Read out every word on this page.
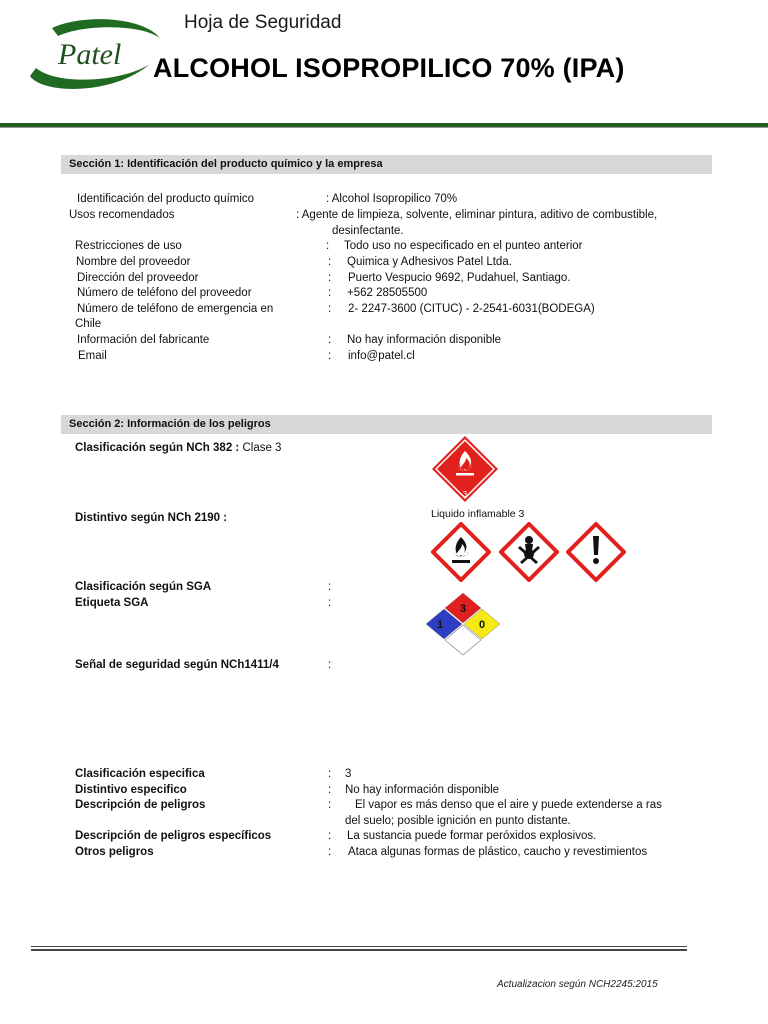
Patel
Hoja de Seguridad
ALCOHOL ISOPROPILICO 70% (IPA)
Sección 1: Identificación del producto químico y la empresa
Identificación del producto químico	: Alcohol Isopropilico 70%
Usos recomendados	: Agente de limpieza, solvente, eliminar pintura, aditivo de combustible,
desinfectante.
Restricciones de uso	: Todo uso no especificado en el punteo anterior
Nombre del proveedor	: Quimica y Adhesivos Patel Ltda.
Dirección del proveedor	: Puerto Vespucio 9692, Pudahuel, Santiago.
Número de teléfono del proveedor	: +562 28505500
Número de teléfono de emergencia en
Chile
: 2- 2247-3600 (CITUC) - 2-2541-6031(BODEGA)
Información del fabricante	: No hay información disponible
Email	: info@patel.cl
Sección 2: Información de los peligros
Clasificación según NCh 382 : Clase 3
3
Liquido inflamable 3
Distintivo según NCh 2190 :
Clasificación según SGA	:
Etiqueta SGA	:	3
1	0
Señal de seguridad según NCh1411/4	:
Clasificación especifica	: 3
Distintivo especifico	: No hay información disponible
Descripción de peligros	: El vapor es más denso que el aire y puede extenderse a ras
del suelo; posible ignición en punto distante.
Descripción de peligros específicos	: La sustancia puede formar peróxidos explosivos.
Otros peligros	: Ataca algunas formas de plástico, caucho y revestimientos
Actualizacion según NCH2245:2015
